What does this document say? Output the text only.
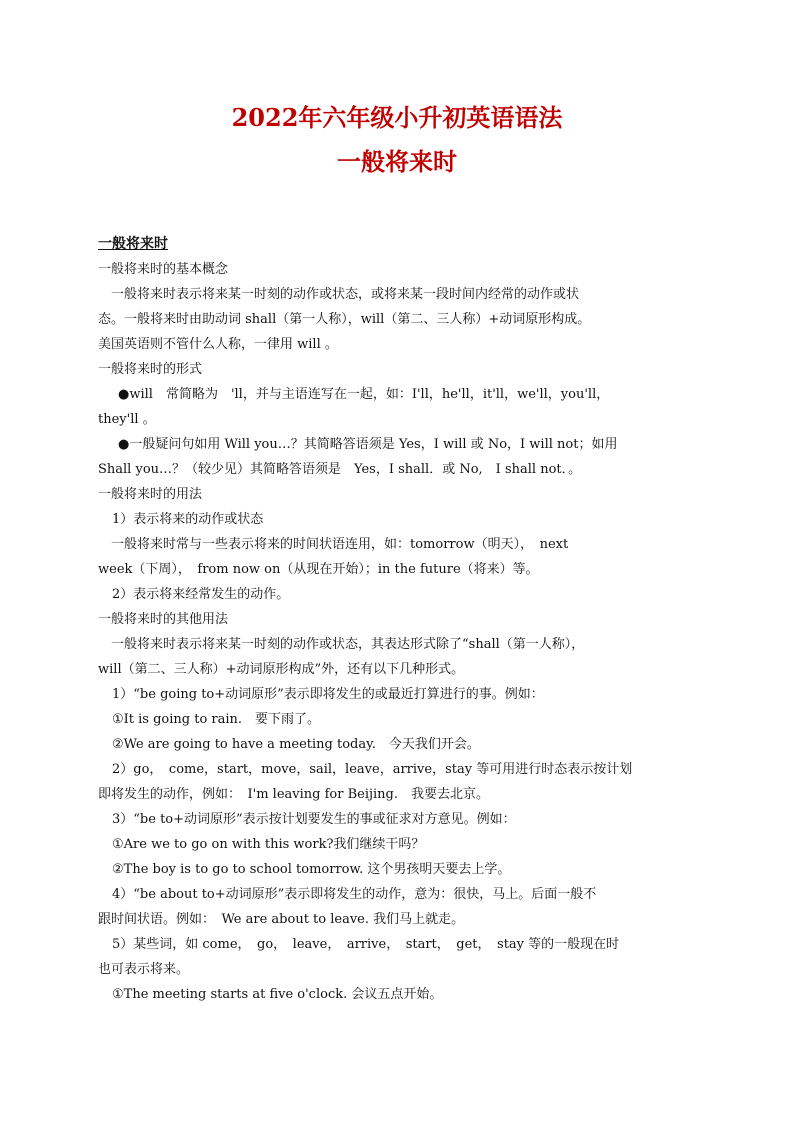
2022年六年级小升初英语语法
一般将来时

一般将来时

一般将来时的基本概念

　一般将来时表示将来某一时刻的动作或状态，或将来某一段时间内经常的动作或状

态。一般将来时由助动词 shall（第一人称），will（第二、三人称）+动词原形构成。

美国英语则不管什么人称，一律用 will 。

一般将来时的形式

●will　常简略为　'll，并与主语连写在一起，如：I'll，he'll，it'll，we'll，you'll，

they'll 。

●一般疑问句如用 Will you…？其简略答语须是 Yes，I will 或 No，I will not；如用

Shall you…？（较少见）其简略答语须是　Yes，I shall．或 No,　I shall not．。

一般将来时的用法

1）表示将来的动作或状态

　一般将来时常与一些表示将来的时间状语连用，如：tomorrow（明天），　next

week（下周），　from now on（从现在开始）；in the future（将来）等。

2）表示将来经常发生的动作。

一般将来时的其他用法

　一般将来时表示将来某一时刻的动作或状态，其表达形式除了“shall（第一人称），

will（第二、三人称）+动词原形构成”外，还有以下几种形式。

1）“be going to+动词原形”表示即将发生的或最近打算进行的事。例如：

①It is going to rain.　要下雨了。

②We are going to have a meeting today.　今天我们开会。

2）go，　come，start，move，sail，leave，arrive，stay 等可用进行时态表示按计划

即将发生的动作，例如：　I'm leaving for Beijing.　我要去北京。

3）“be to+动词原形”表示按计划要发生的事或征求对方意见。例如：

①Are we to go on with this work?我们继续干吗？

②The boy is to go to school tomorrow. 这个男孩明天要去上学。

4）“be about to+动词原形”表示即将发生的动作，意为：很快，马上。后面一般不

跟时间状语。例如：　We are about to leave. 我们马上就走。

5）某些词，如 come，　go，　leave，　arrive，　start，　get，　stay 等的一般现在时

也可表示将来。

①The meeting starts at five o'clock. 会议五点开始。
